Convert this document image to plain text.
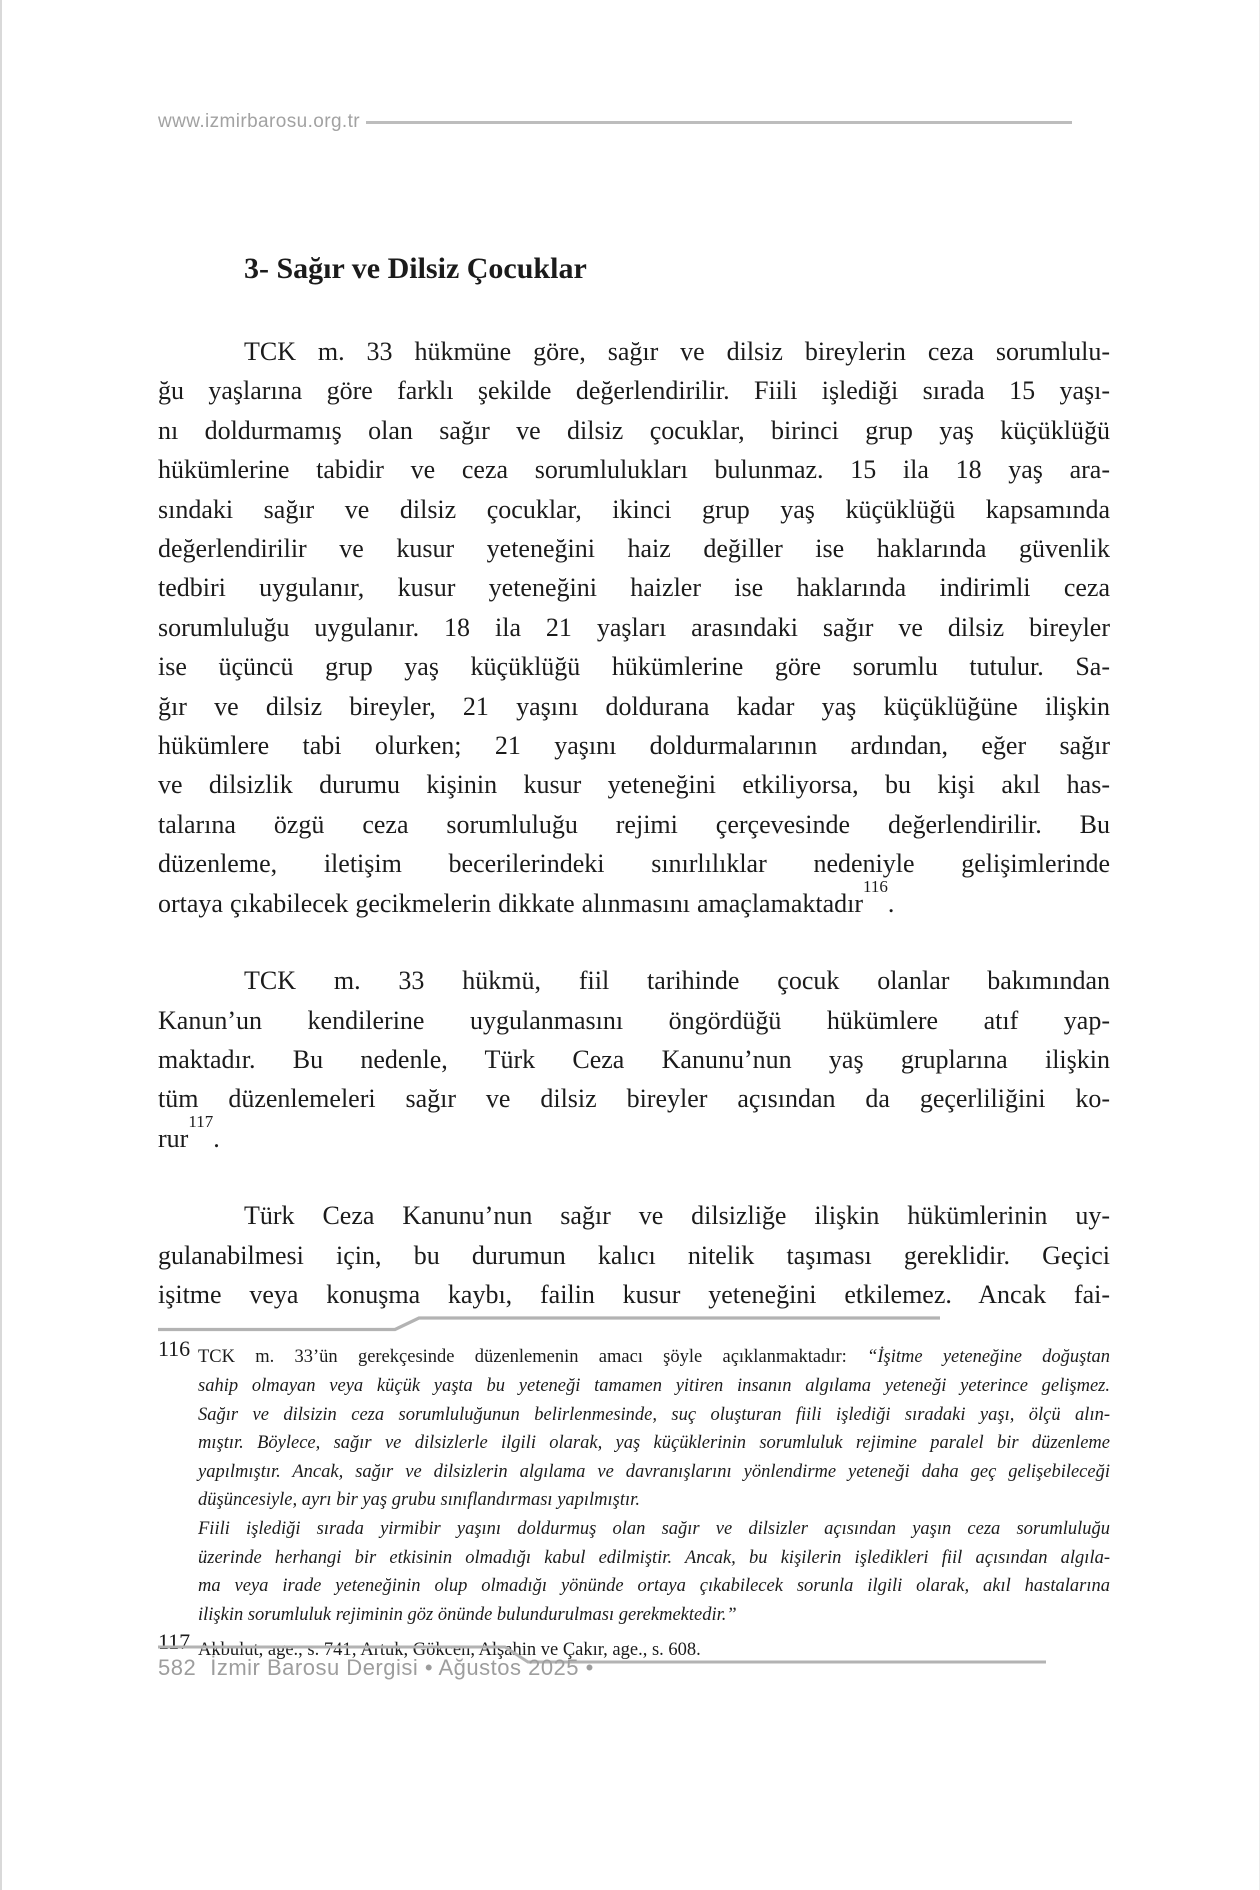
www.izmirbarosu.org.tr
3- Sağır ve Dilsiz Çocuklar
TCK m. 33 hükmüne göre, sağır ve dilsiz bireylerin ceza sorumlulu-
ğu yaşlarına göre farklı şekilde değerlendirilir. Fiili işlediği sırada 15 yaşı-
nı doldurmamış olan sağır ve dilsiz çocuklar, birinci grup yaş küçüklüğü
hükümlerine tabidir ve ceza sorumlulukları bulunmaz. 15 ila 18 yaş ara-
sındaki sağır ve dilsiz çocuklar, ikinci grup yaş küçüklüğü kapsamında
değerlendirilir ve kusur yeteneğini haiz değiller ise haklarında güvenlik
tedbiri uygulanır, kusur yeteneğini haizler ise haklarında indirimli ceza
sorumluluğu uygulanır. 18 ila 21 yaşları arasındaki sağır ve dilsiz bireyler
ise üçüncü grup yaş küçüklüğü hükümlerine göre sorumlu tutulur. Sa-
ğır ve dilsiz bireyler, 21 yaşını doldurana kadar yaş küçüklüğüne ilişkin
hükümlere tabi olurken; 21 yaşını doldurmalarının ardından, eğer sağır
ve dilsizlik durumu kişinin kusur yeteneğini etkiliyorsa, bu kişi akıl has-
talarına özgü ceza sorumluluğu rejimi çerçevesinde değerlendirilir. Bu
düzenleme, iletişim becerilerindeki sınırlılıklar nedeniyle gelişimlerinde
ortaya çıkabilecek gecikmelerin dikkate alınmasını amaçlamaktadır$^{116}$.
TCK m. 33 hükmü, fiil tarihinde çocuk olanlar bakımından
Kanun’un kendilerine uygulanmasını öngördüğü hükümlere atıf yap-
maktadır. Bu nedenle, Türk Ceza Kanunu’nun yaş gruplarına ilişkin
tüm düzenlemeleri sağır ve dilsiz bireyler açısından da geçerliliğini ko-
rur$^{117}$.
Türk Ceza Kanunu’nun sağır ve dilsizliğe ilişkin hükümlerinin uy-
gulanabilmesi için, bu durumun kalıcı nitelik taşıması gereklidir. Geçici
işitme veya konuşma kaybı, failin kusur yeteneğini etkilemez. Ancak fai-
116 TCK m. 33’ün gerekçesinde düzenlemenin amacı şöyle açıklanmaktadır: “İşitme yeteneğine doğuştan
sahip olmayan veya küçük yaşta bu yeteneği tamamen yitiren insanın algılama yeteneği yeterince gelişmez.
Sağır ve dilsizin ceza sorumluluğunun belirlenmesinde, suç oluşturan fiili işlediği sıradaki yaşı, ölçü alın-
mıştır. Böylece, sağır ve dilsizlerle ilgili olarak, yaş küçüklerinin sorumluluk rejimine paralel bir düzenleme
yapılmıştır. Ancak, sağır ve dilsizlerin algılama ve davranışlarını yönlendirme yeteneği daha geç gelişebileceği
düşüncesiyle, ayrı bir yaş grubu sınıflandırması yapılmıştır.
Fiili işlediği sırada yirmibir yaşını doldurmuş olan sağır ve dilsizler açısından yaşın ceza sorumluluğu
üzerinde herhangi bir etkisinin olmadığı kabul edilmiştir. Ancak, bu kişilerin işledikleri fiil açısından algıla-
ma veya irade yeteneğinin olup olmadığı yönünde ortaya çıkabilecek sorunla ilgili olarak, akıl hastalarına
ilişkin sorumluluk rejiminin göz önünde bulundurulması gerekmektedir.”
117 Akbulut, age., s. 741; Artuk, Gökcen, Alşahin ve Çakır, age., s. 608.
582 İzmir Barosu Dergisi • Ağustos 2025 •
